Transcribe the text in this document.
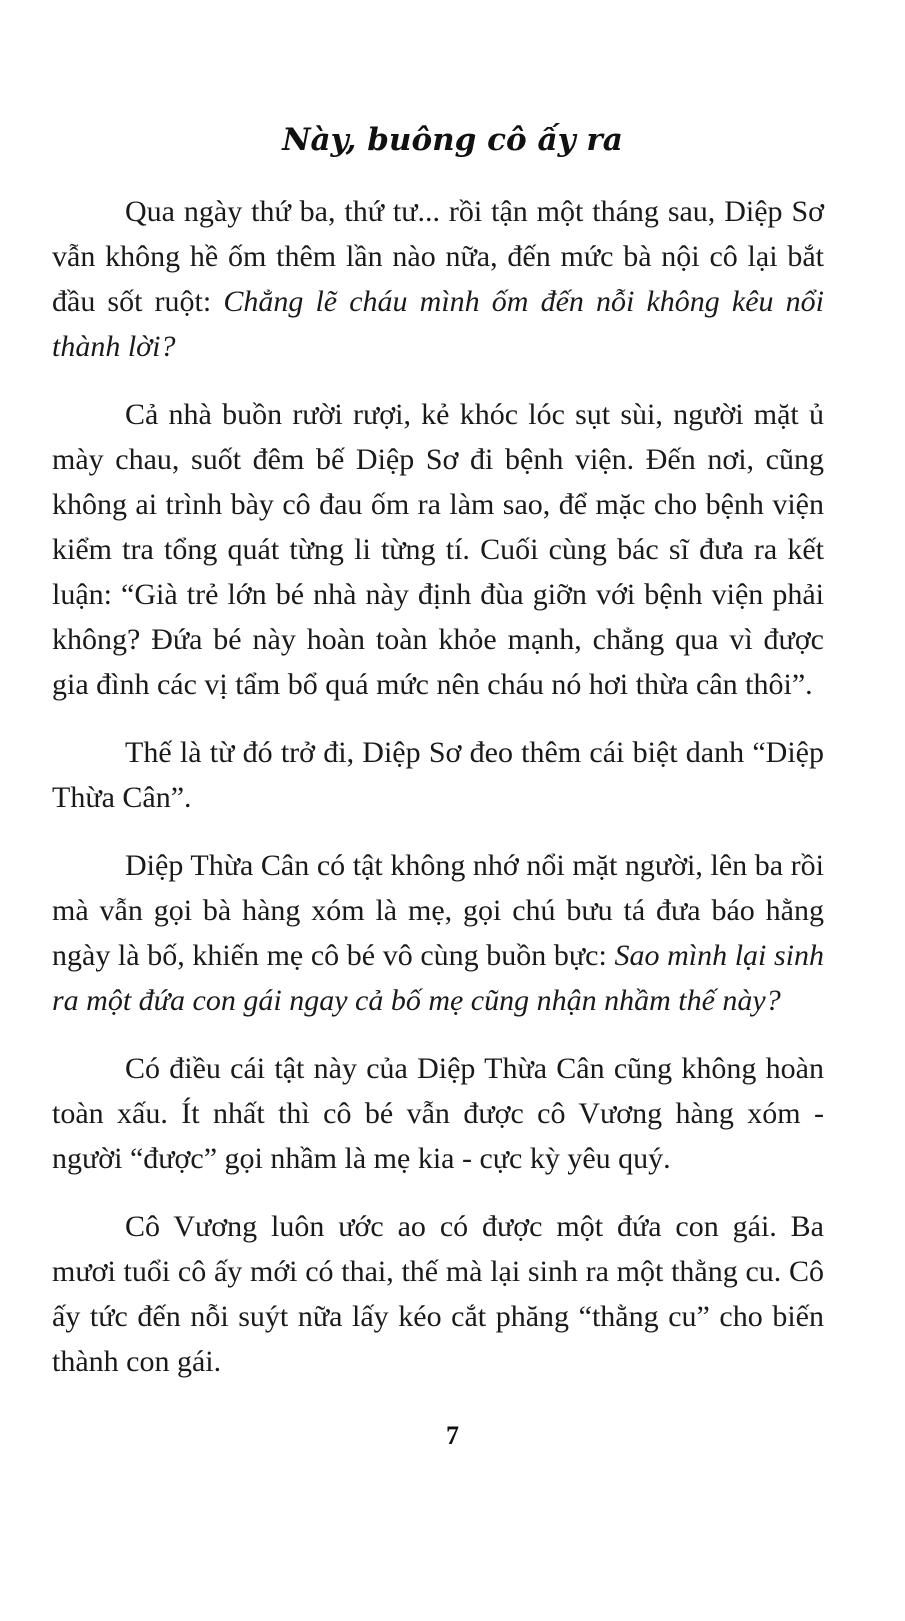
Này, buông cô ấy ra

Qua ngày thứ ba, thứ tư... rồi tận một tháng sau, Diệp Sơ vẫn không hề ốm thêm lần nào nữa, đến mức bà nội cô lại bắt đầu sốt ruột: Chẳng lẽ cháu mình ốm đến nỗi không kêu nổi thành lời?

Cả nhà buồn rười rượi, kẻ khóc lóc sụt sùi, người mặt ủ mày chau, suốt đêm bế Diệp Sơ đi bệnh viện. Đến nơi, cũng không ai trình bày cô đau ốm ra làm sao, để mặc cho bệnh viện kiểm tra tổng quát từng li từng tí. Cuối cùng bác sĩ đưa ra kết luận: “Già trẻ lớn bé nhà này định đùa giỡn với bệnh viện phải không? Đứa bé này hoàn toàn khỏe mạnh, chẳng qua vì được gia đình các vị tẩm bổ quá mức nên cháu nó hơi thừa cân thôi”.

Thế là từ đó trở đi, Diệp Sơ đeo thêm cái biệt danh “Diệp Thừa Cân”.

Diệp Thừa Cân có tật không nhớ nổi mặt người, lên ba rồi mà vẫn gọi bà hàng xóm là mẹ, gọi chú bưu tá đưa báo hằng ngày là bố, khiến mẹ cô bé vô cùng buồn bực: Sao mình lại sinh ra một đứa con gái ngay cả bố mẹ cũng nhận nhầm thế này?

Có điều cái tật này của Diệp Thừa Cân cũng không hoàn toàn xấu. Ít nhất thì cô bé vẫn được cô Vương hàng xóm - người “được” gọi nhầm là mẹ kia - cực kỳ yêu quý.

Cô Vương luôn ước ao có được một đứa con gái. Ba mươi tuổi cô ấy mới có thai, thế mà lại sinh ra một thằng cu. Cô ấy tức đến nỗi suýt nữa lấy kéo cắt phăng “thằng cu” cho biến thành con gái.

7
